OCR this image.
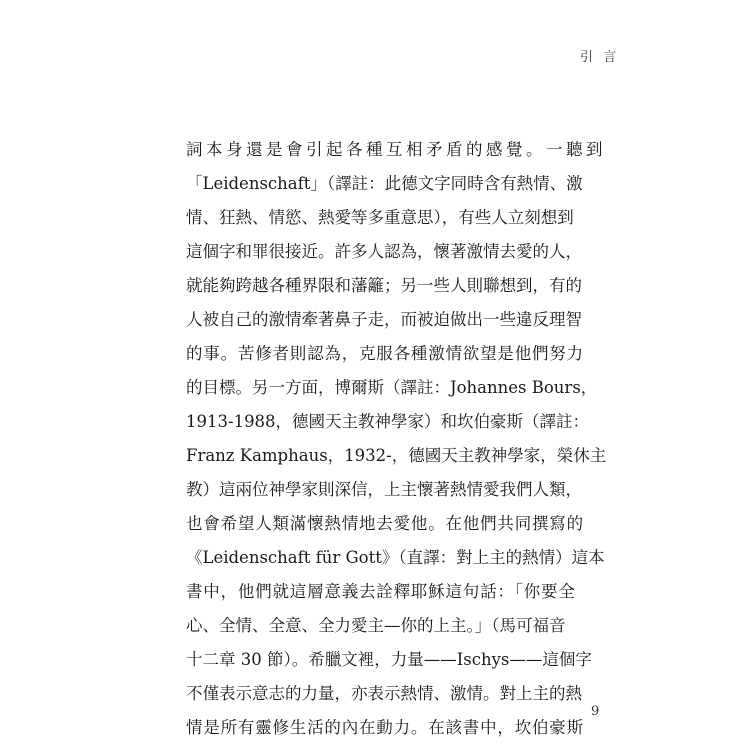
引 言
詞本身還是會引起各種互相矛盾的感覺。一聽到
「Leidenschaft」（譯註：此德文字同時含有熱情、激
情、狂熱、情慾、熱愛等多重意思），有些人立刻想到
這個字和罪很接近。許多人認為，懷著激情去愛的人，
就能夠跨越各種界限和藩籬；另一些人則聯想到，有的
人被自己的激情牽著鼻子走，而被迫做出一些違反理智
的事。苦修者則認為，克服各種激情欲望是他們努力
的目標。另一方面，博爾斯（譯註：Johannes Bours，
1913-1988，德國天主教神學家）和坎伯豪斯（譯註：
Franz Kamphaus，1932-，德國天主教神學家，榮休主
教）這兩位神學家則深信，上主懷著熱情愛我們人類，
也會希望人類滿懷熱情地去愛他。在他們共同撰寫的
《Leidenschaft für Gott》（直譯：對上主的熱情）這本
書中，他們就這層意義去詮釋耶穌這句話：「你要全
心、全情、全意、全力愛主—你的上主。」（馬可福音
十二章 30 節）。希臘文裡，力量——Ischys——這個字
不僅表示意志的力量，亦表示熱情、激情。對上主的熱
情是所有靈修生活的內在動力。在該書中，坎伯豪斯
9
